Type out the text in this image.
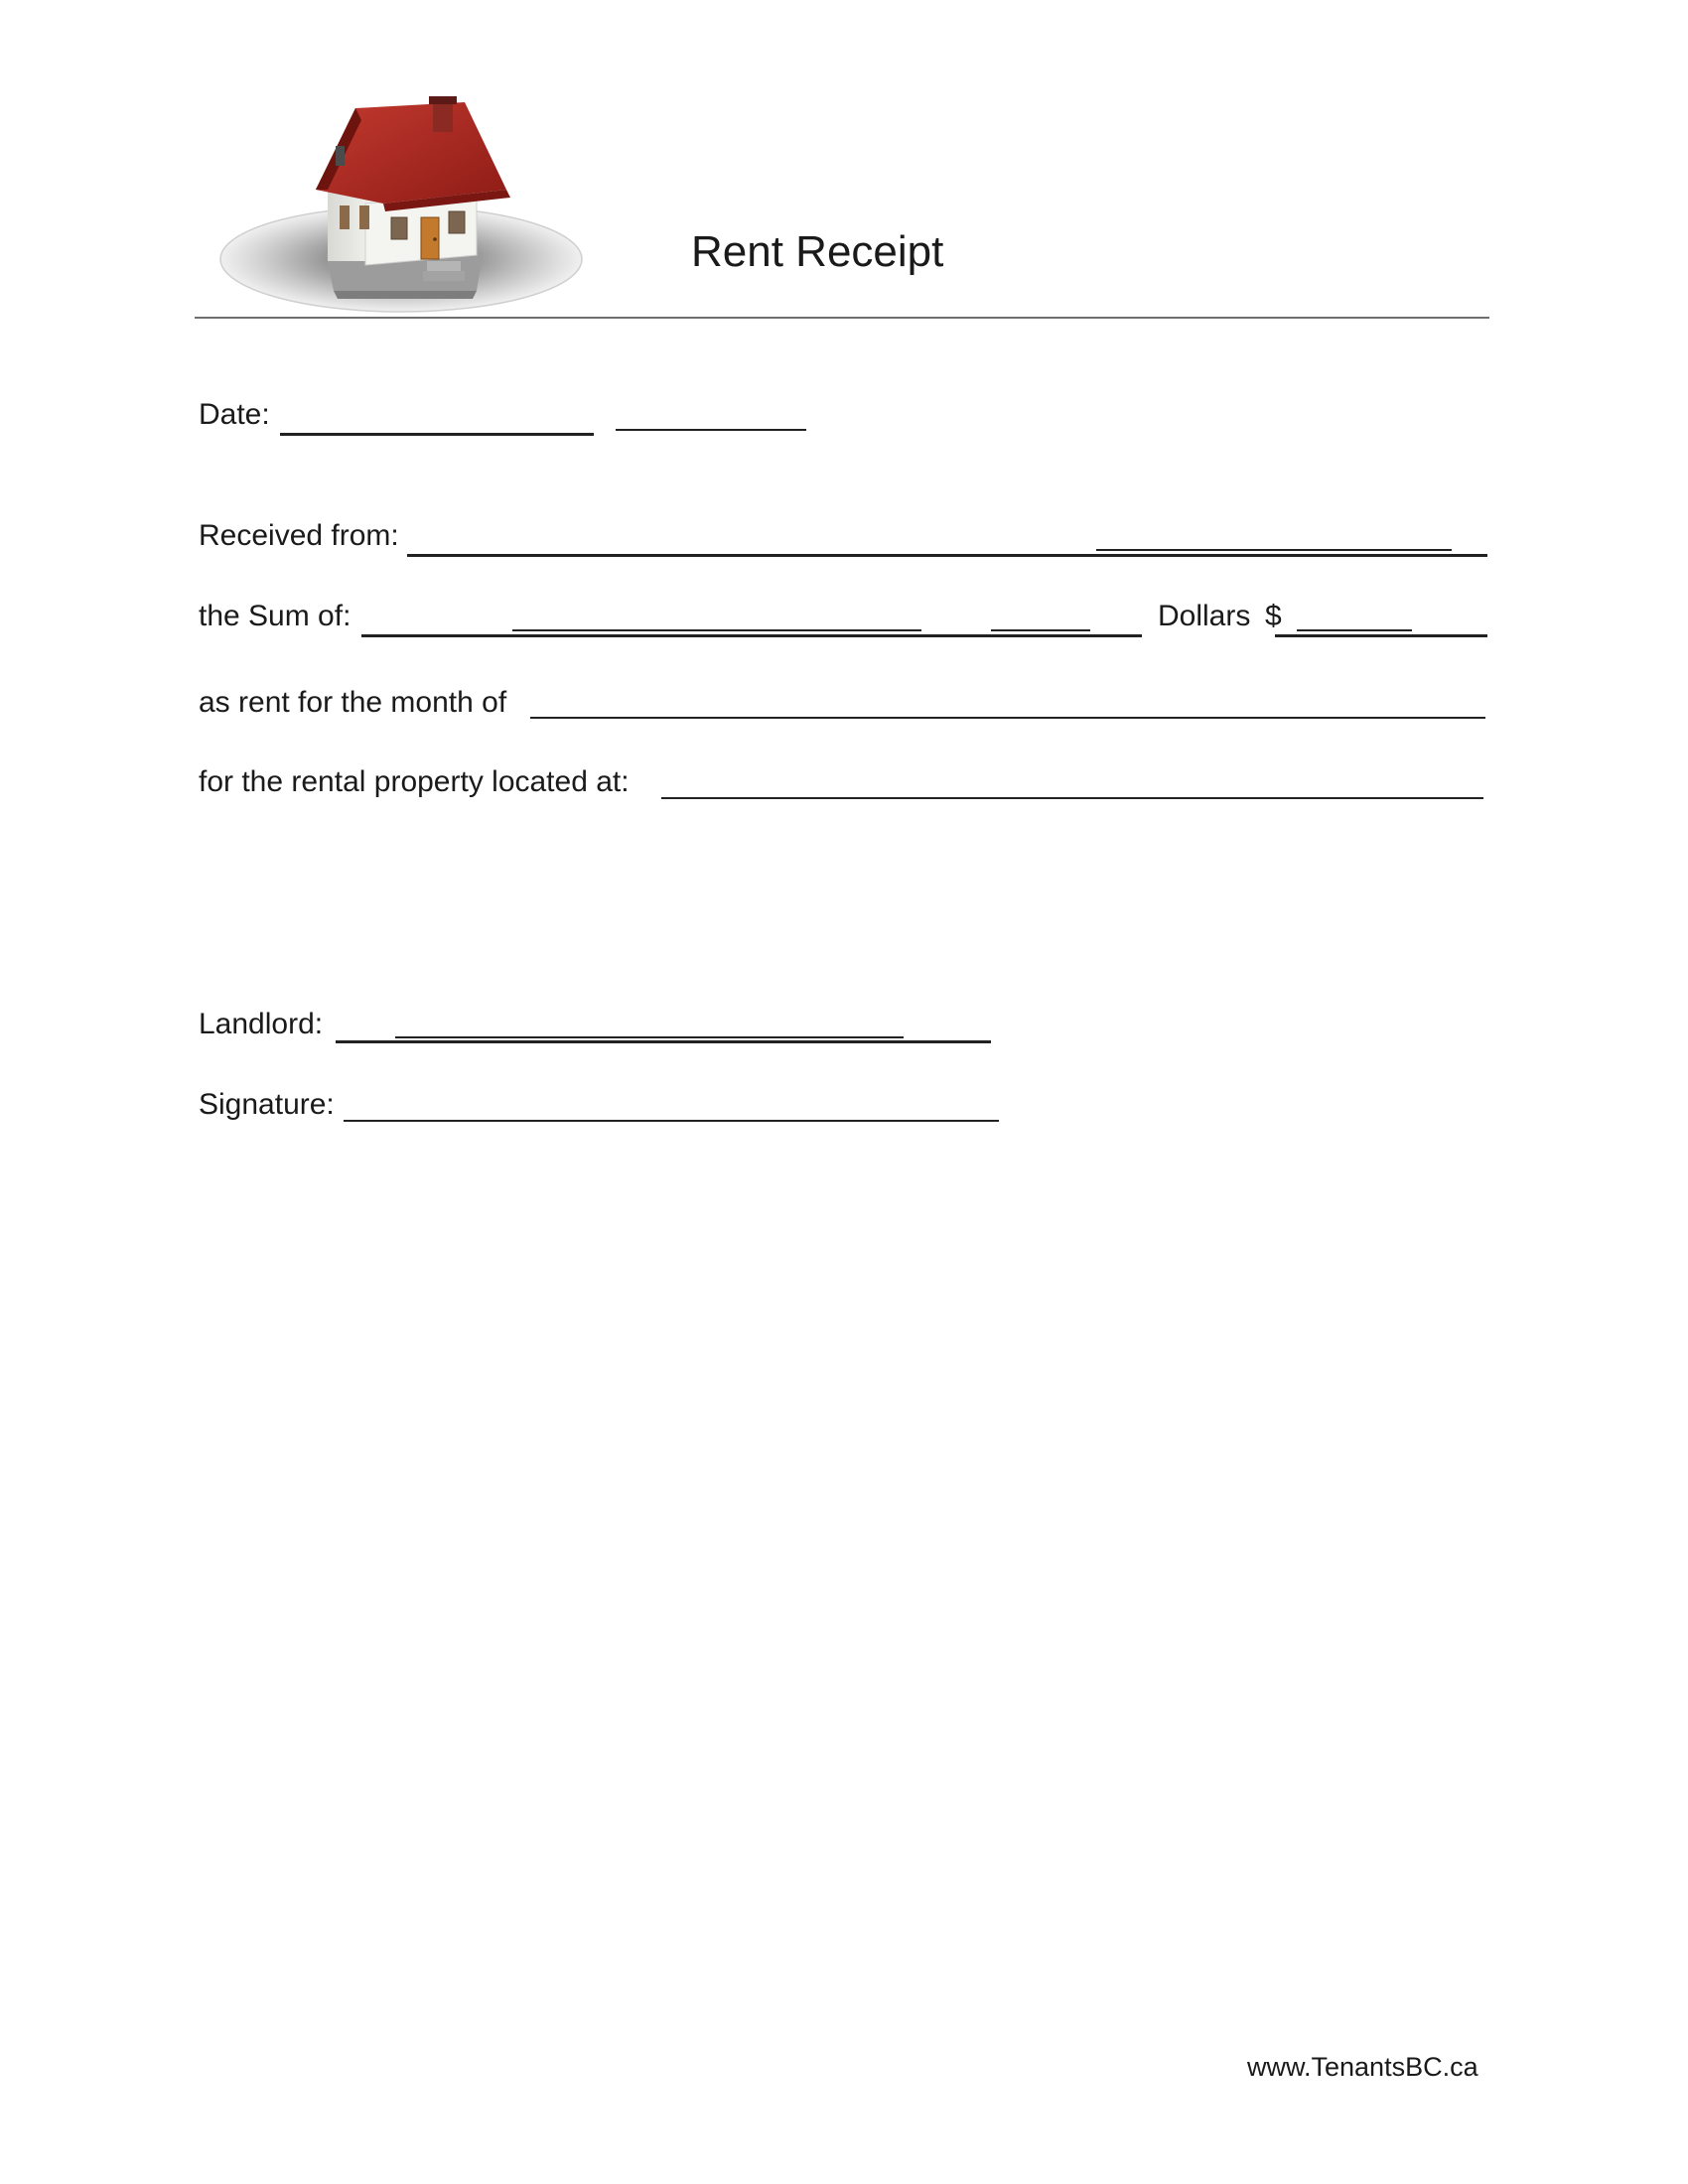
Rent Receipt
Date:
Received from:
the Sum of:	Dollars $
as rent for the month of
for the rental property located at:
Landlord:
Signature:
www.TenantsBC.ca
